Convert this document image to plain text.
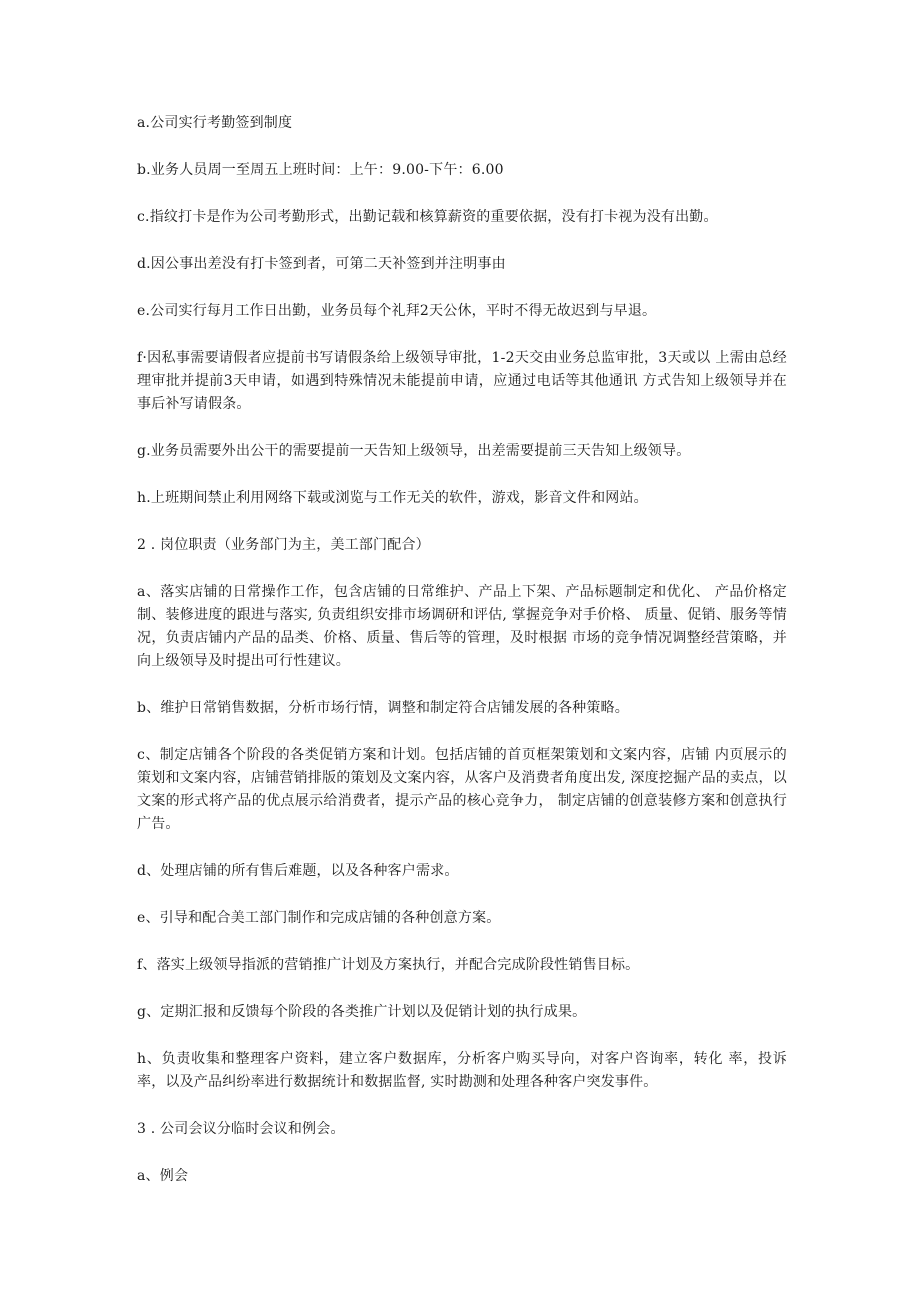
a.公司实行考勤签到制度

b.业务人员周一至周五上班时间：上午：9.00-下午：6.00

c.指纹打卡是作为公司考勤形式，出勤记载和核算薪资的重要依据，没有打卡视为没有出勤。

d.因公事出差没有打卡签到者，可第二天补签到并注明事由

e.公司实行每月工作日出勤，业务员每个礼拜2天公休，平时不得无故迟到与早退。

f·因私事需要请假者应提前书写请假条给上级领导审批，1-2天交由业务总监审批，3天或以 上需由总经理审批并提前3天申请，如遇到特殊情况未能提前申请，应通过电话等其他通讯 方式告知上级领导并在事后补写请假条。

g.业务员需要外出公干的需要提前一天告知上级领导，出差需要提前三天告知上级领导。

h.上班期间禁止利用网络下载或浏览与工作无关的软件，游戏，影音文件和网站。

2 . 岗位职责（业务部门为主，美工部门配合）

a、落实店铺的日常操作工作，包含店铺的日常维护、产品上下架、产品标题制定和优化、 产品价格定制、装修进度的跟进与落实, 负责组织安排市场调研和评估, 掌握竞争对手价格、 质量、促销、服务等情况，负责店铺内产品的品类、价格、质量、售后等的管理，及时根据 市场的竞争情况调整经营策略，并向上级领导及时提出可行性建议。

b、维护日常销售数据，分析市场行情，调整和制定符合店铺发展的各种策略。

c、制定店铺各个阶段的各类促销方案和计划。包括店铺的首页框架策划和文案内容，店铺 内页展示的策划和文案内容，店铺营销排版的策划及文案内容，从客户及消费者角度出发, 深度挖掘产品的卖点，以文案的形式将产品的优点展示给消费者，提示产品的核心竞争力， 制定店铺的创意装修方案和创意执行广告。

d、处理店铺的所有售后难题，以及各种客户需求。

e、引导和配合美工部门制作和完成店铺的各种创意方案。

f、落实上级领导指派的营销推广计划及方案执行，并配合完成阶段性销售目标。

g、定期汇报和反馈每个阶段的各类推广计划以及促销计划的执行成果。

h、负责收集和整理客户资料，建立客户数据库，分析客户购买导向，对客户咨询率，转化 率，投诉率，以及产品纠纷率进行数据统计和数据监督, 实时勘测和处理各种客户突发事件。

3 . 公司会议分临时会议和例会。

a、例会
